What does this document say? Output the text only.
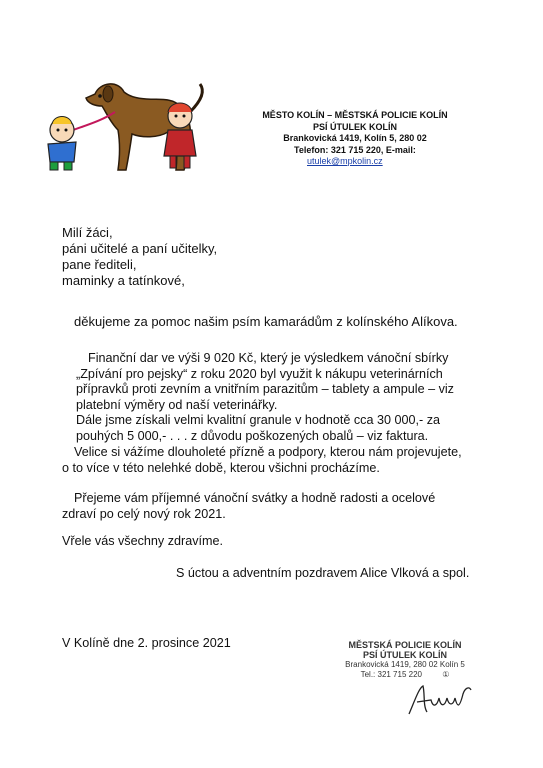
MĚSTO KOLÍN – MĚSTSKÁ POLICIE KOLÍN
PSÍ ÚTULEK KOLÍN
Brankovická 1419, Kolín 5, 280 02
Telefon: 321 715 220, E-mail:
utulek@mpkolin.cz
Milí žáci,
páni učitelé a paní učitelky,
pane řediteli,
maminky a tatínkové,
děkujeme za pomoc našim psím kamarádům z kolínského Alíkova.
Finanční dar ve výši 9 020 Kč, který je výsledkem vánoční sbírky
„Zpívání pro pejsky“ z roku 2020 byl využit k nákupu veterinárních
přípravků proti zevním a vnitřním parazitům – tablety a ampule – viz
platební výměry od naší veterinářky.
Dále jsme získali velmi kvalitní granule v hodnotě cca 30 000,- za
pouhých 5 000,- . . . z důvodu poškozených obalů – viz faktura.
Velice si vážíme dlouholeté přízně a podpory, kterou nám projevujete,
o to více v této nelehké době, kterou všichni procházíme.
Přejeme vám příjemné vánoční svátky a hodně radosti a ocelové
zdraví po celý nový rok 2021.
Vřele vás všechny zdravíme.
S úctou a adventním pozdravem Alice Vlková a spol.
V Kolíně dne 2. prosince 2021	MĚSTSKÁ POLICIE KOLÍN
PSÍ ÚTULEK KOLÍN
Brankovická 1419, 280 02 Kolín 5
Tel.: 321 715 220	①
